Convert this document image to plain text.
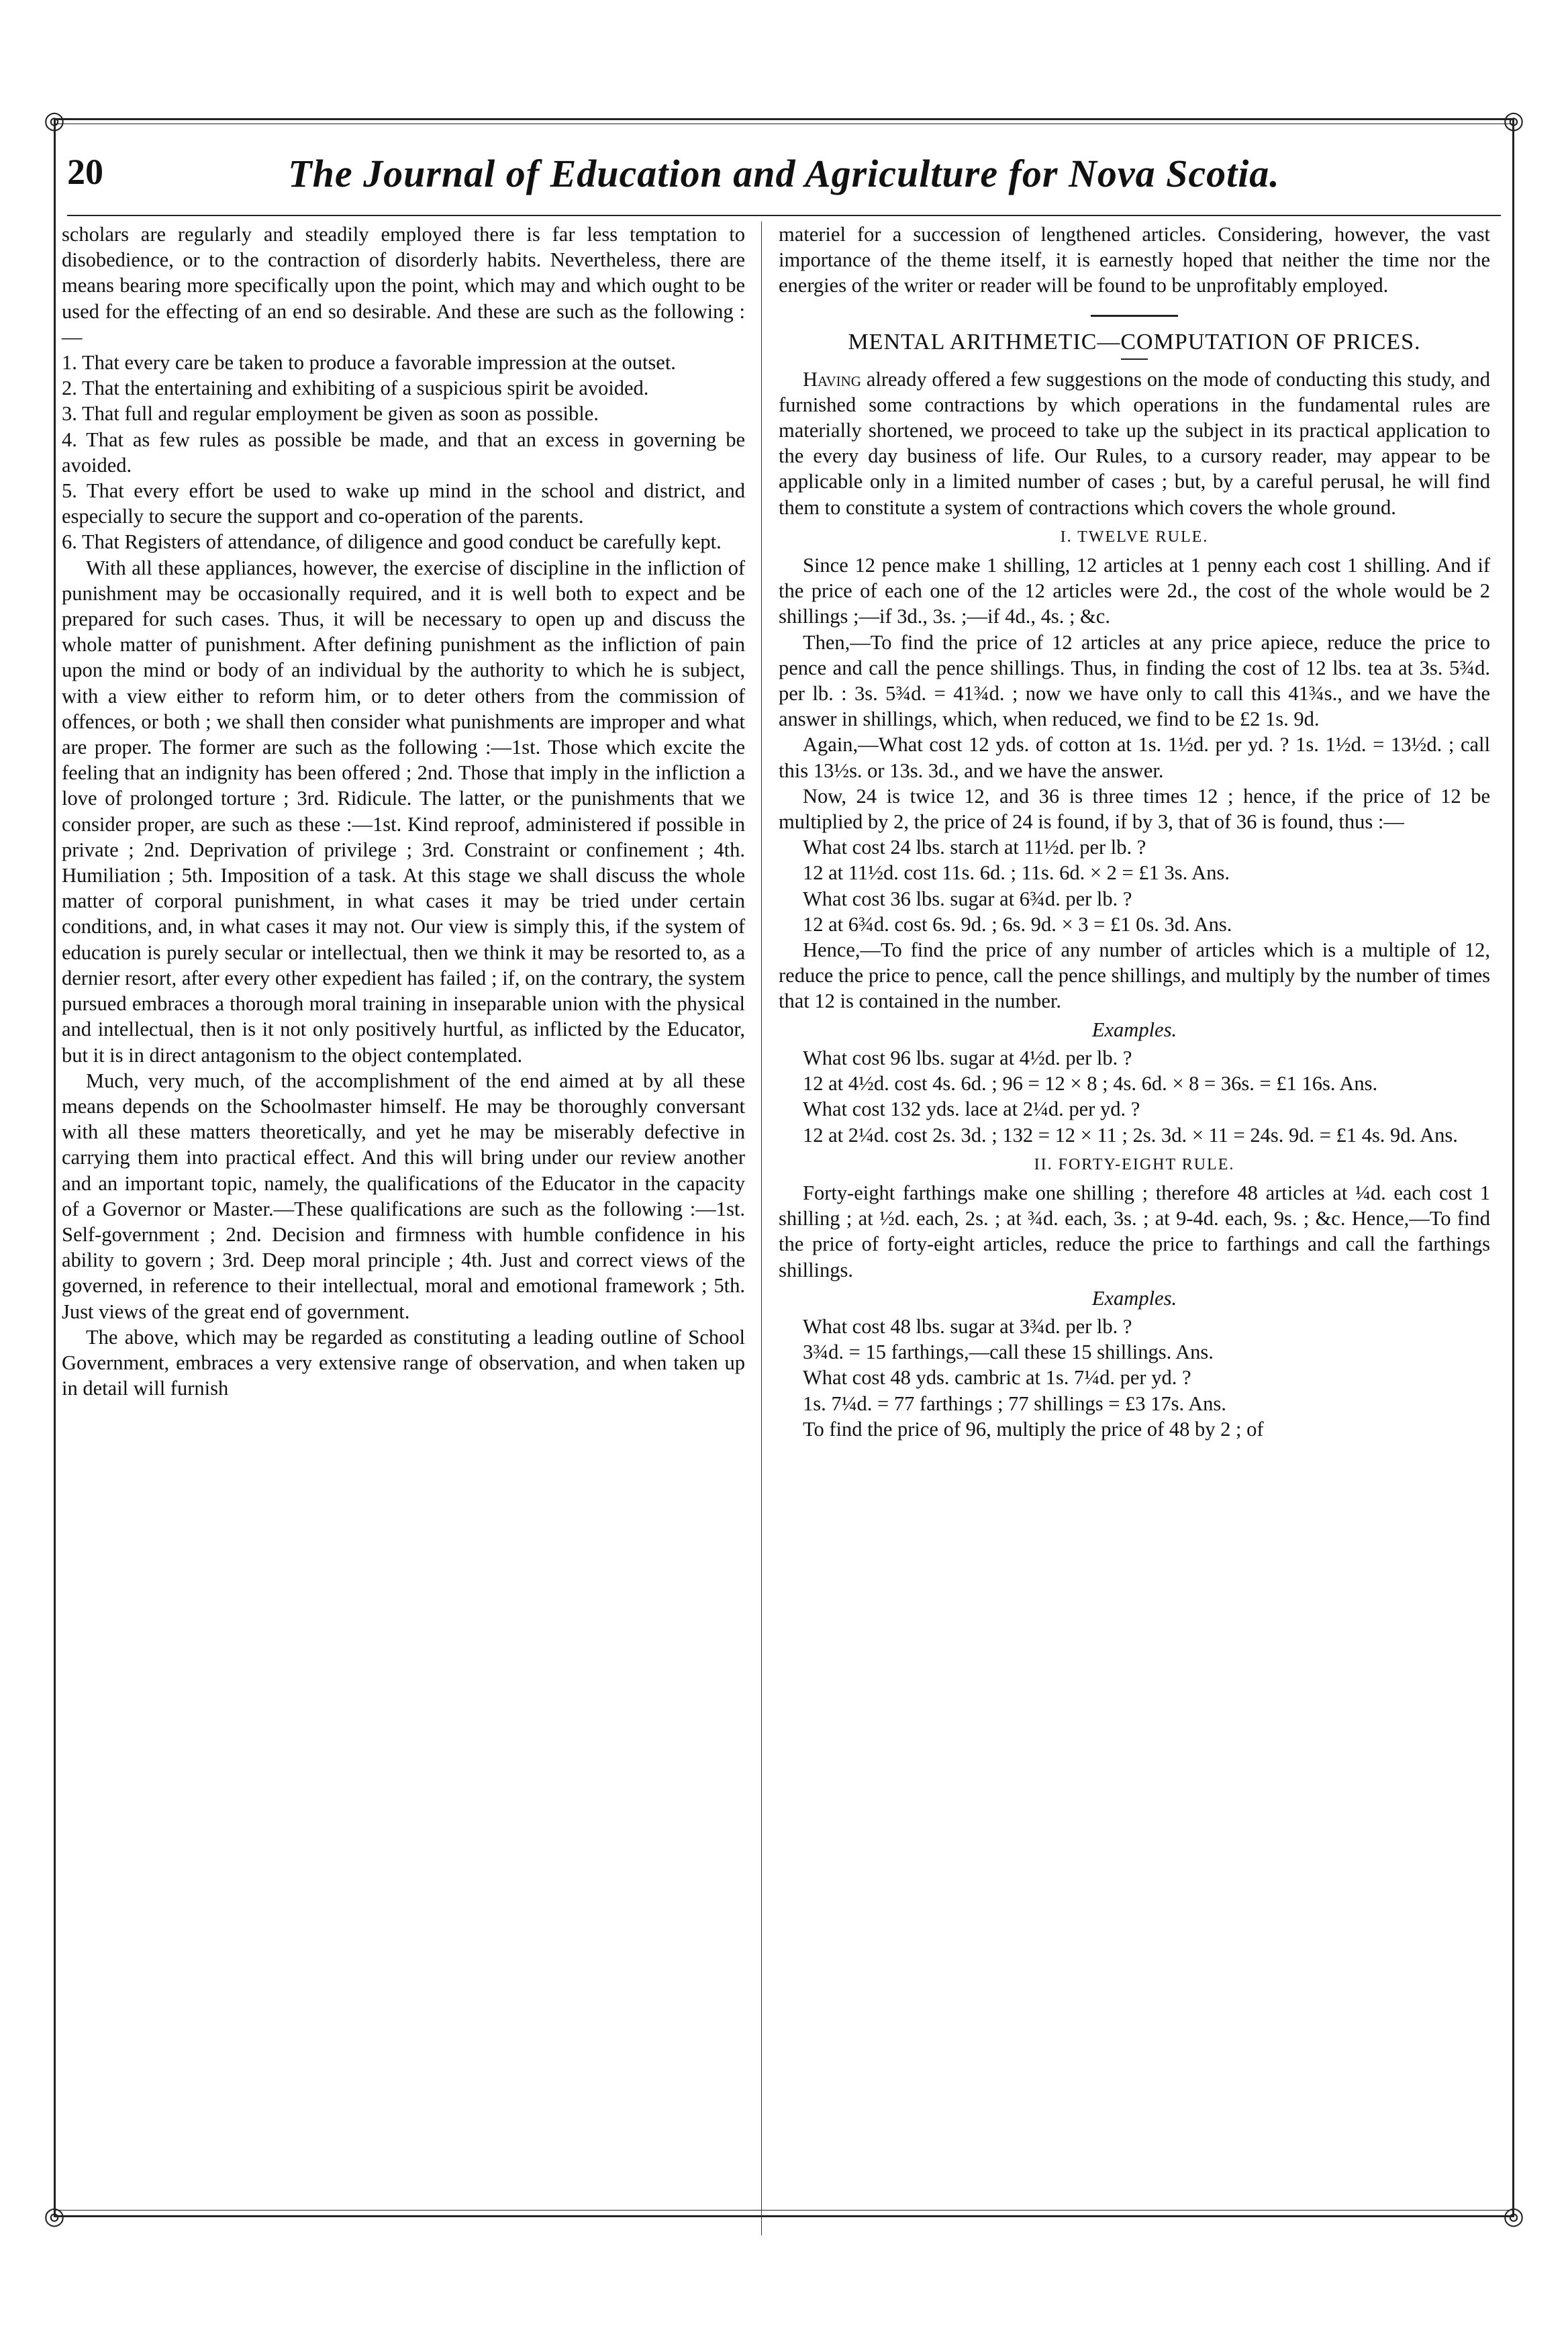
◎	◎
◎	◎
20	The Journal of Education and Agriculture for Nova Scotia.

scholars are regularly and steadily employed there is far less temptation to disobedience, or to the contraction of disorderly habits. Nevertheless, there are means bearing more specifically upon the point, which may and which ought to be used for the effecting of an end so desirable. And these are such as the following :—

1. That every care be taken to produce a favorable impression at the outset.

2. That the entertaining and exhibiting of a suspicious spirit be avoided.

3. That full and regular employment be given as soon as possible.

4. That as few rules as possible be made, and that an excess in governing be avoided.

5. That every effort be used to wake up mind in the school and district, and especially to secure the support and co-operation of the parents.

6. That Registers of attendance, of diligence and good conduct be carefully kept.

With all these appliances, however, the exercise of discipline in the infliction of punishment may be occasionally required, and it is well both to expect and be prepared for such cases. Thus, it will be necessary to open up and discuss the whole matter of punishment. After defining punishment as the infliction of pain upon the mind or body of an individual by the authority to which he is subject, with a view either to reform him, or to deter others from the commission of offences, or both ; we shall then consider what punishments are improper and what are proper. The former are such as the following :—1st. Those which excite the feeling that an indignity has been offered ; 2nd. Those that imply in the infliction a love of prolonged torture ; 3rd. Ridicule. The latter, or the punishments that we consider proper, are such as these :—1st. Kind reproof, administered if possible in private ; 2nd. Deprivation of privilege ; 3rd. Constraint or confinement ; 4th. Humiliation ; 5th. Imposition of a task. At this stage we shall discuss the whole matter of corporal punishment, in what cases it may be tried under certain conditions, and, in what cases it may not. Our view is simply this, if the system of education is purely secular or intellectual, then we think it may be resorted to, as a dernier resort, after every other expedient has failed ; if, on the contrary, the system pursued embraces a thorough moral training in inseparable union with the physical and intellectual, then is it not only positively hurtful, as inflicted by the Educator, but it is in direct antagonism to the object contemplated.

Much, very much, of the accomplishment of the end aimed at by all these means depends on the Schoolmaster himself. He may be thoroughly conversant with all these matters theoretically, and yet he may be miserably defective in carrying them into practical effect. And this will bring under our review another and an important topic, namely, the qualifications of the Educator in the capacity of a Governor or Master.—These qualifications are such as the following :—1st. Self-government ; 2nd. Decision and firmness with humble confidence in his ability to govern ; 3rd. Deep moral principle ; 4th. Just and correct views of the governed, in reference to their intellectual, moral and emotional framework ; 5th. Just views of the great end of government.

The above, which may be regarded as constituting a leading outline of School Government, embraces a very extensive range of observation, and when taken up in detail will furnish

materiel for a succession of lengthened articles. Considering, however, the vast importance of the theme itself, it is earnestly hoped that neither the time nor the energies of the writer or reader will be found to be unprofitably employed.

MENTAL ARITHMETIC—COMPUTATION OF PRICES.

Having already offered a few suggestions on the mode of conducting this study, and furnished some contractions by which operations in the fundamental rules are materially shortened, we proceed to take up the subject in its practical application to the every day business of life. Our Rules, to a cursory reader, may appear to be applicable only in a limited number of cases ; but, by a careful perusal, he will find them to constitute a system of contractions which covers the whole ground.

I. TWELVE RULE.

Since 12 pence make 1 shilling, 12 articles at 1 penny each cost 1 shilling. And if the price of each one of the 12 articles were 2d., the cost of the whole would be 2 shillings ;—if 3d., 3s. ;—if 4d., 4s. ; &c.

Then,—To find the price of 12 articles at any price apiece, reduce the price to pence and call the pence shillings. Thus, in finding the cost of 12 lbs. tea at 3s. 5¾d. per lb. : 3s. 5¾d. = 41¾d. ; now we have only to call this 41¾s., and we have the answer in shillings, which, when reduced, we find to be £2 1s. 9d.

Again,—What cost 12 yds. of cotton at 1s. 1½d. per yd. ? 1s. 1½d. = 13½d. ; call this 13½s. or 13s. 3d., and we have the answer.

Now, 24 is twice 12, and 36 is three times 12 ; hence, if the price of 12 be multiplied by 2, the price of 24 is found, if by 3, that of 36 is found, thus :—

What cost 24 lbs. starch at 11½d. per lb. ?

12 at 11½d. cost 11s. 6d. ; 11s. 6d. × 2 = £1 3s. Ans.

What cost 36 lbs. sugar at 6¾d. per lb. ?

12 at 6¾d. cost 6s. 9d. ; 6s. 9d. × 3 = £1 0s. 3d. Ans.

Hence,—To find the price of any number of articles which is a multiple of 12, reduce the price to pence, call the pence shillings, and multiply by the number of times that 12 is contained in the number.

Examples.

What cost 96 lbs. sugar at 4½d. per lb. ?

12 at 4½d. cost 4s. 6d. ; 96 = 12 × 8 ; 4s. 6d. × 8 = 36s. = £1 16s. Ans.

What cost 132 yds. lace at 2¼d. per yd. ?

12 at 2¼d. cost 2s. 3d. ; 132 = 12 × 11 ; 2s. 3d. × 11 = 24s. 9d. = £1 4s. 9d. Ans.

II. FORTY-EIGHT RULE.

Forty-eight farthings make one shilling ; therefore 48 articles at ¼d. each cost 1 shilling ; at ½d. each, 2s. ; at ¾d. each, 3s. ; at 9-4d. each, 9s. ; &c. Hence,—To find the price of forty-eight articles, reduce the price to farthings and call the farthings shillings.

Examples.

What cost 48 lbs. sugar at 3¾d. per lb. ?

3¾d. = 15 farthings,—call these 15 shillings. Ans.

What cost 48 yds. cambric at 1s. 7¼d. per yd. ?

1s. 7¼d. = 77 farthings ; 77 shillings = £3 17s. Ans.

To find the price of 96, multiply the price of 48 by 2 ; of
